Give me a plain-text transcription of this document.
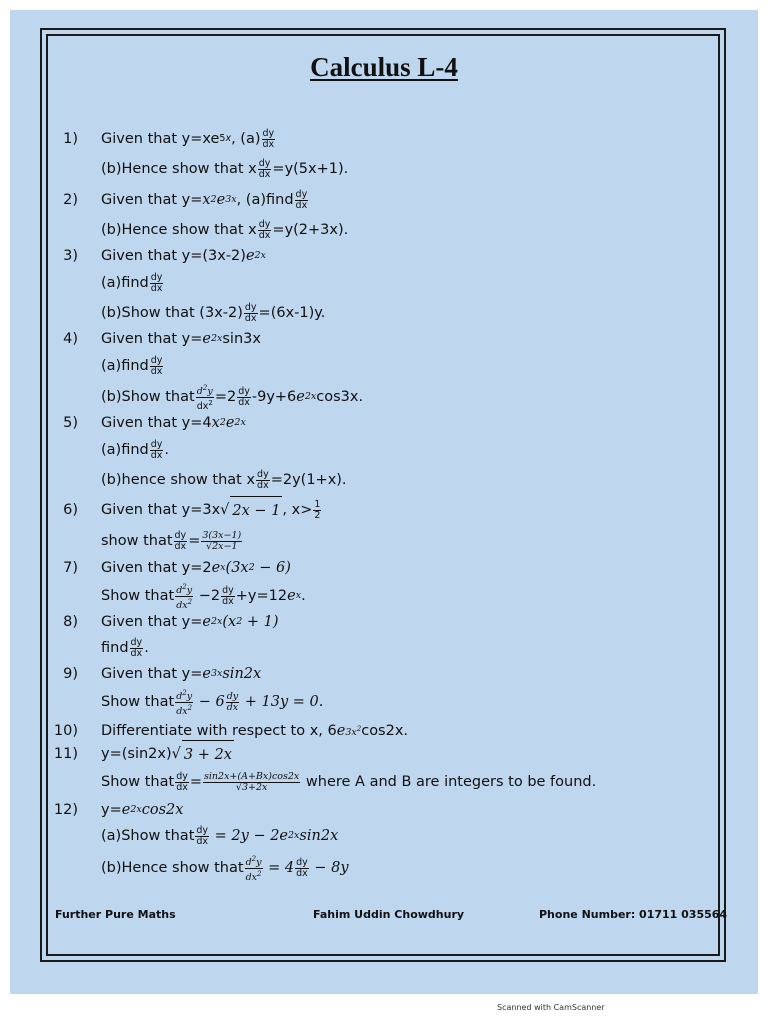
Calculus L-4
1) Given that y=xe 5x , $(a) \frac{dy}{dx}$
(b)Hence show that x $\frac{dy}{dx} =y(5x+1)$.
2) Given that y= x 2 e 3x , (a)find $\frac{dy}{dx}$
(b)Hence show that x $\frac{dy}{dx} =y(2+3x)$.
3) Given that y=(3x-2) e 2x
(a)find $\frac{dy}{dx}$
(b)Show that $(3x-2) \frac{dy}{dx} =(6x-1)y$.
4) Given that y= e 2x sin3x
(a)find $\frac{dy}{dx}$
(b)Show that $\frac{d^2y}{dx^2} =2 \frac{dy}{dx} -9y+6$ e 2x cos3x.
5) Given that y=4 x 2 e 2x
(a)find $\frac{dy}{dx}$ .
(b)hence show that x $\frac{dy}{dx} =2y(1+x)$.
6) Given that y=3x √ 2x − 1 , $x> \frac{1}{2}$
show that $\frac{dy}{dx} = \frac{3(3x-1)}{√2x-1}$
7) Given that y=2 e x (3x 2 − 6)
Show that $\frac{d^2y}{dx^2} -2 \frac{dy}{dx} +y=12$ e x .
8) Given that y= e 2x (x 2 + 1)
find $\frac{dy}{dx}$ .
9) Given that y= e 3x sin2x
Show that $\frac{d^2y}{dx^2}$
− $6 \frac{dy}{dx} + 13y = 0$.
10) Differentiate with respect to x, 6 e $3x^2$ cos2x.
11) y=(sin2x) √ 3 + 2x
Show that $\frac{dy}{dx} = \frac{\sin 2x+(A+Bx)\cos 2x}{√3+2x}$ where A and B are integers to be found.
12) y= e 2x cos2x
(a)Show that $\frac{dy}{dx} = 2y - 2e$ 2x sin2x
(b)Hence show that $\frac{d^2y}{dx^2} = 4 \frac{dy}{dx} - 8y$
Further Pure Maths	Fahim Uddin Chowdhury	Phone Number: 01711 035564
Scanned with CamScanner
